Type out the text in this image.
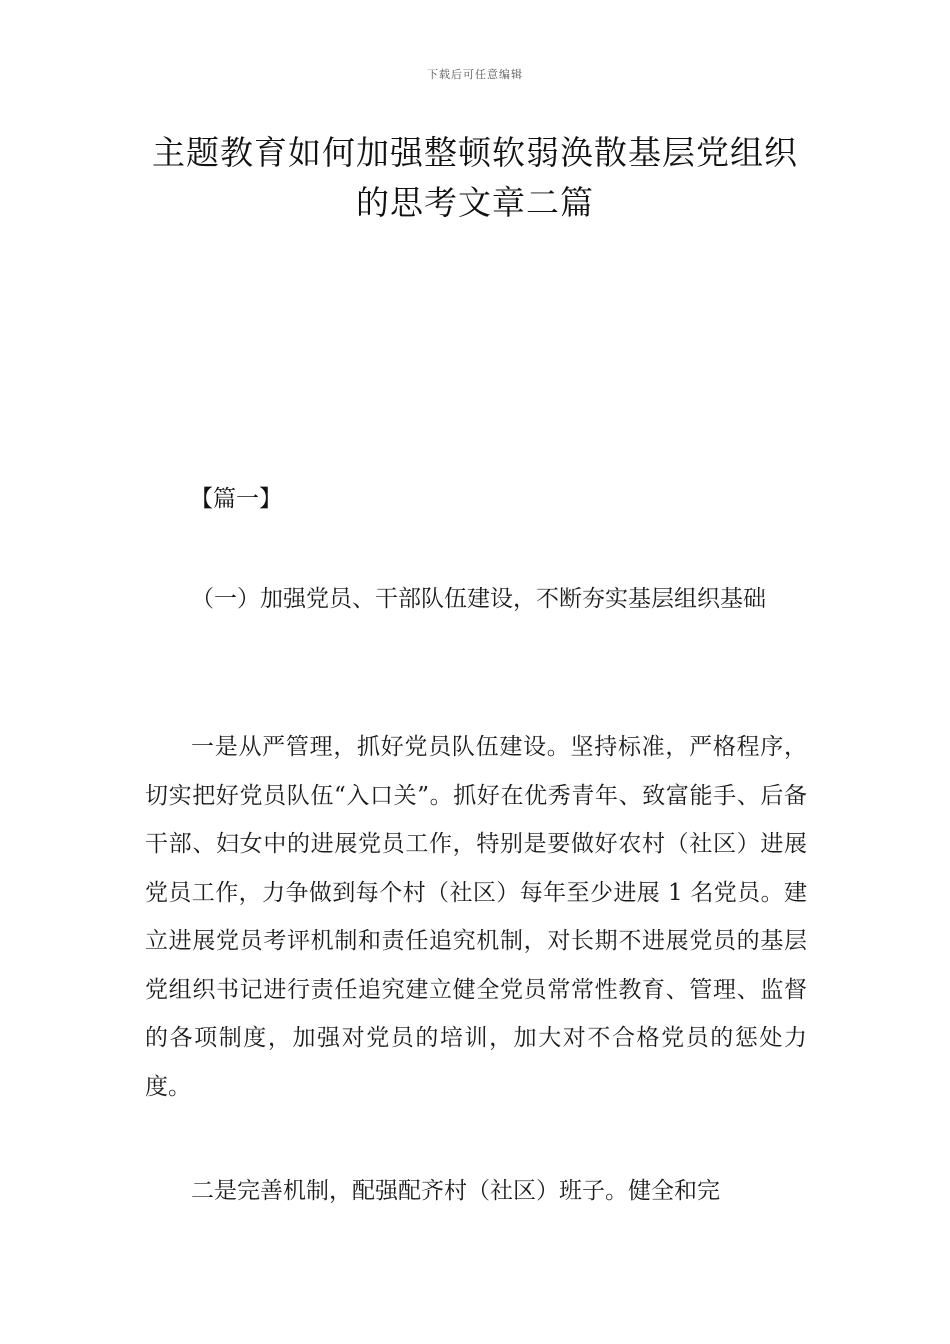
下载后可任意编辑
主题教育如何加强整顿软弱涣散基层党组织的思考文章二篇
【篇一】

（一）加强党员、干部队伍建设，不断夯实基层组织基础

一是从严管理，抓好党员队伍建设。坚持标准，严格程序，切实把好党员队伍“入口关”。抓好在优秀青年、致富能手、后备干部、妇女中的进展党员工作，特别是要做好农村（社区）进展党员工作，力争做到每个村（社区）每年至少进展 1 名党员。建立进展党员考评机制和责任追究机制，对长期不进展党员的基层党组织书记进行责任追究建立健全党员常常性教育、管理、监督的各项制度，加强对党员的培训，加大对不合格党员的惩处力度。

二是完善机制，配强配齐村（社区）班子。健全和完
